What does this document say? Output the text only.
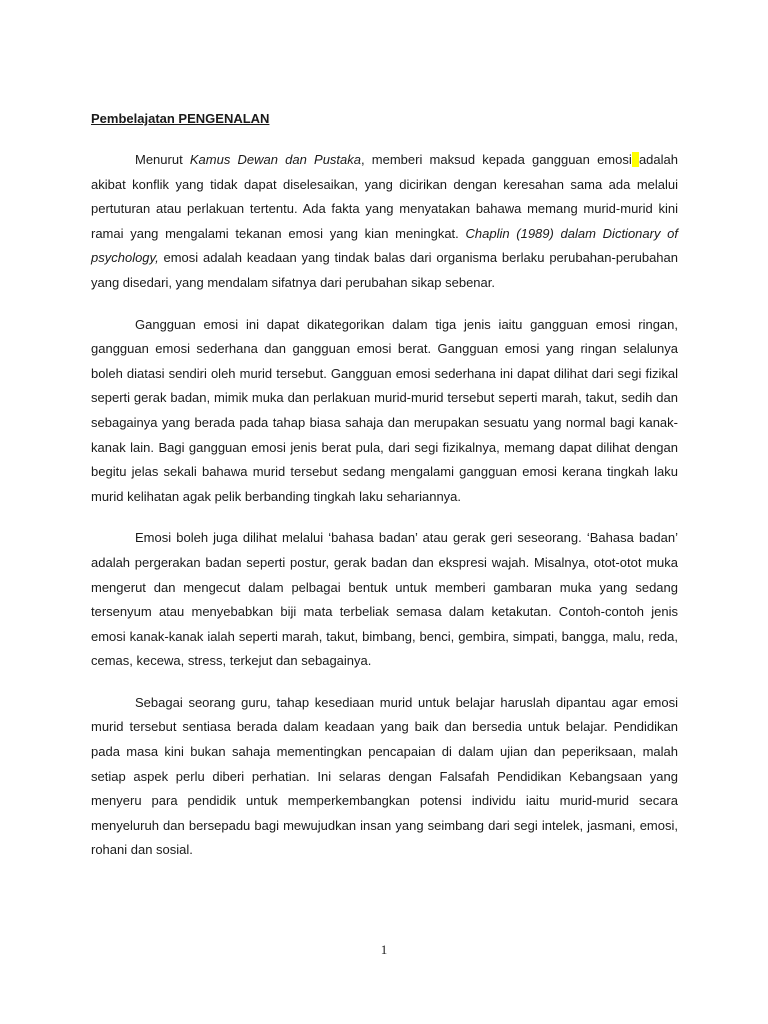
Pembelajatan PENGENALAN

Menurut Kamus Dewan dan Pustaka, memberi maksud kepada gangguan emosi adalah akibat konflik yang tidak dapat diselesaikan, yang dicirikan dengan keresahan sama ada melalui pertuturan atau perlakuan tertentu. Ada fakta yang menyatakan bahawa memang murid-murid kini ramai yang mengalami tekanan emosi yang kian meningkat. Chaplin (1989) dalam Dictionary of psychology, emosi adalah keadaan yang tindak balas dari organisma berlaku perubahan-perubahan yang disedari, yang mendalam sifatnya dari perubahan sikap sebenar.

Gangguan emosi ini dapat dikategorikan dalam tiga jenis iaitu gangguan emosi ringan, gangguan emosi sederhana dan gangguan emosi berat. Gangguan emosi yang ringan selalunya boleh diatasi sendiri oleh murid tersebut. Gangguan emosi sederhana ini dapat dilihat dari segi fizikal seperti gerak badan, mimik muka dan perlakuan murid-murid tersebut seperti marah, takut, sedih dan sebagainya yang berada pada tahap biasa sahaja dan merupakan sesuatu yang normal bagi kanak-kanak lain. Bagi gangguan emosi jenis berat pula, dari segi fizikalnya, memang dapat dilihat dengan begitu jelas sekali bahawa murid tersebut sedang mengalami gangguan emosi kerana tingkah laku murid kelihatan agak pelik berbanding tingkah laku sehariannya.

Emosi boleh juga dilihat melalui ‘bahasa badan’ atau gerak geri seseorang. ‘Bahasa badan’ adalah pergerakan badan seperti postur, gerak badan dan ekspresi wajah. Misalnya, otot-otot muka mengerut dan mengecut dalam pelbagai bentuk untuk memberi gambaran muka yang sedang tersenyum atau menyebabkan biji mata terbeliak semasa dalam ketakutan. Contoh-contoh jenis emosi kanak-kanak ialah seperti marah, takut, bimbang, benci, gembira, simpati, bangga, malu, reda, cemas, kecewa, stress, terkejut dan sebagainya.

Sebagai seorang guru, tahap kesediaan murid untuk belajar haruslah dipantau agar emosi murid tersebut sentiasa berada dalam keadaan yang baik dan bersedia untuk belajar. Pendidikan pada masa kini bukan sahaja mementingkan pencapaian di dalam ujian dan peperiksaan, malah setiap aspek perlu diberi perhatian. Ini selaras dengan Falsafah Pendidikan Kebangsaan yang menyeru para pendidik untuk memperkembangkan potensi individu iaitu murid-murid secara menyeluruh dan bersepadu bagi mewujudkan insan yang seimbang dari segi intelek, jasmani, emosi, rohani dan sosial.

1
